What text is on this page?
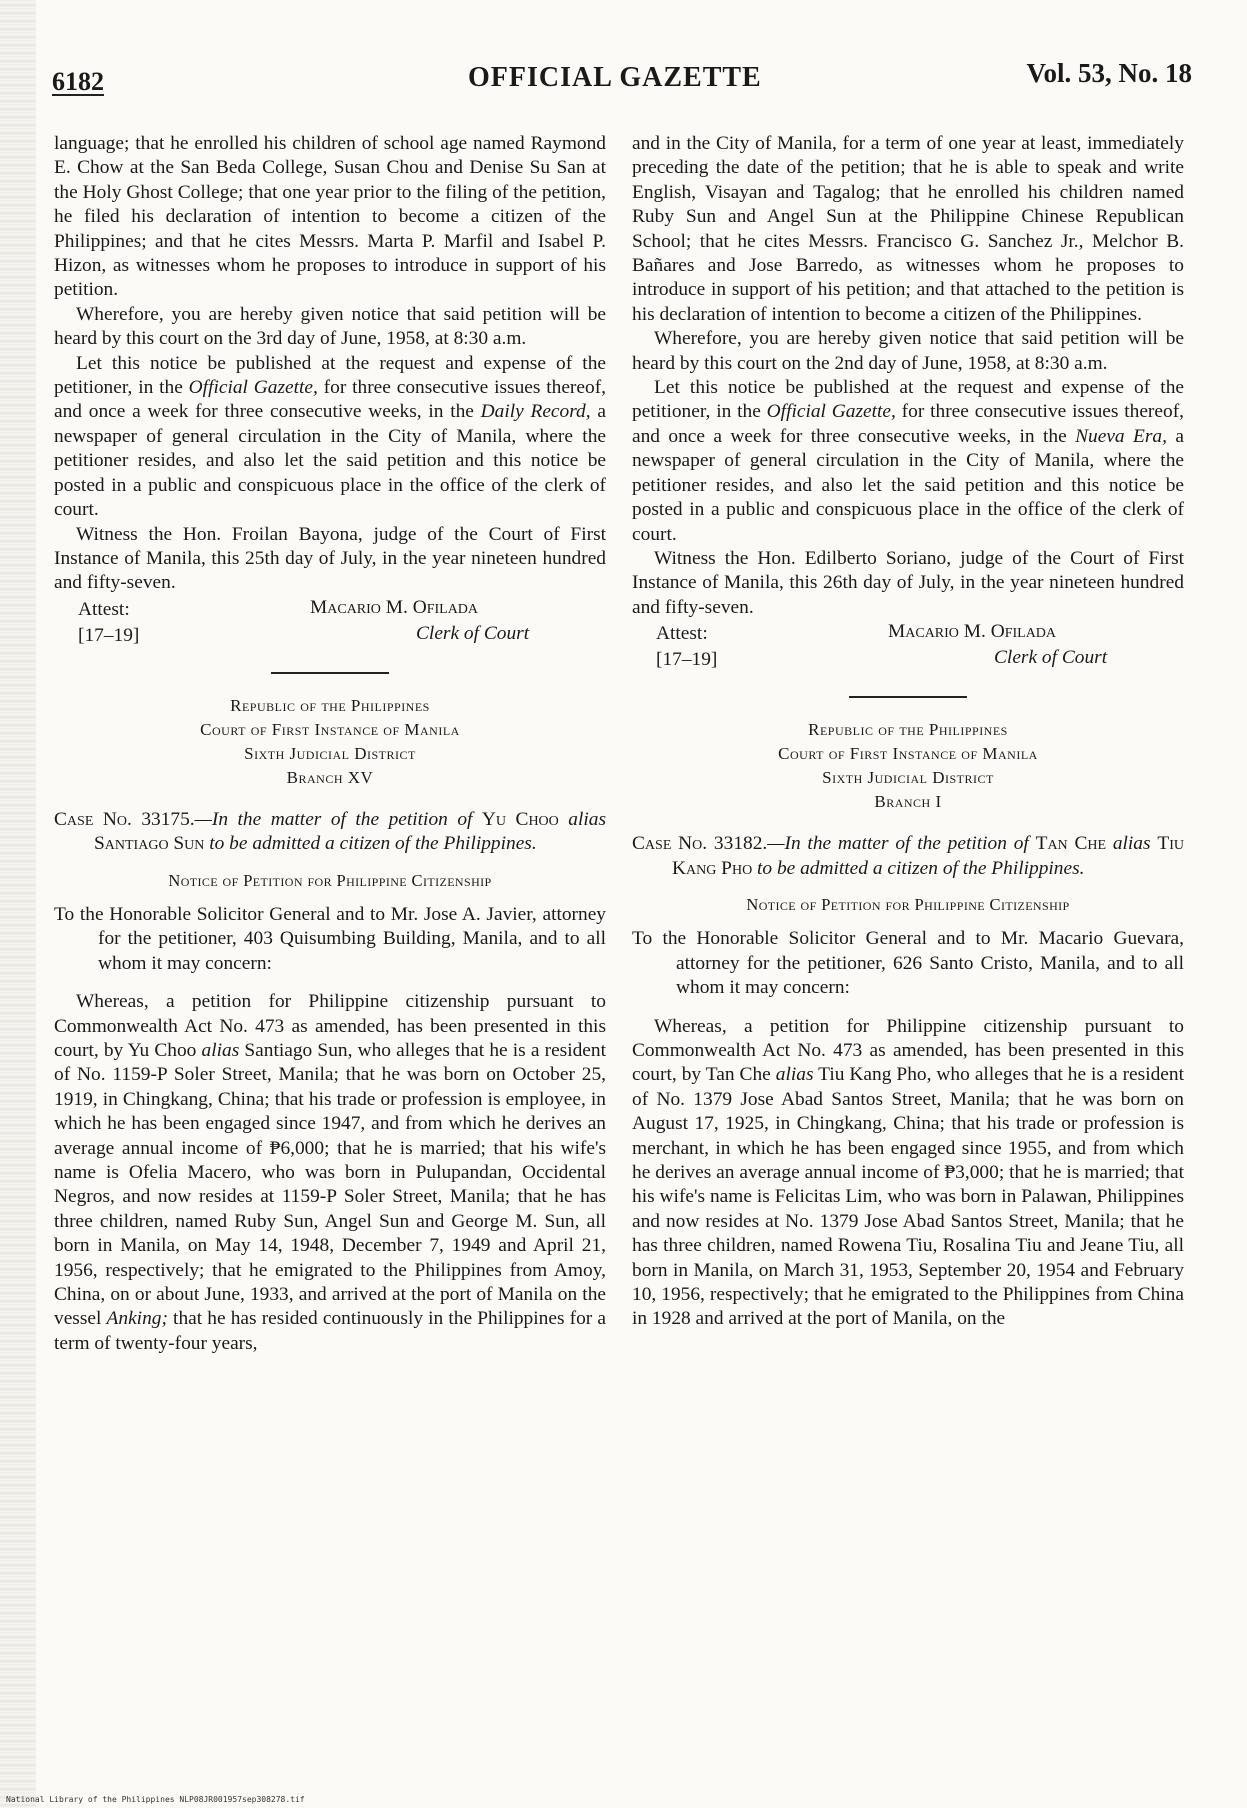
6182	OFFICIAL GAZETTE	Vol. 53, No. 18

language; that he enrolled his children of school age named Raymond E. Chow at the San Beda College, Susan Chou and Denise Su San at the Holy Ghost College; that one year prior to the filing of the petition, he filed his declaration of intention to become a citizen of the Philippines; and that he cites Messrs. Marta P. Marfil and Isabel P. Hizon, as witnesses whom he proposes to introduce in support of his petition.

Wherefore, you are hereby given notice that said petition will be heard by this court on the 3rd day of June, 1958, at 8:30 a.m.

Let this notice be published at the request and expense of the petitioner, in the Official Gazette, for three consecutive issues thereof, and once a week for three consecutive weeks, in the Daily Record, a newspaper of general circulation in the City of Manila, where the petitioner resides, and also let the said petition and this notice be posted in a public and conspicuous place in the office of the clerk of court.

Witness the Hon. Froilan Bayona, judge of the Court of First Instance of Manila, this 25th day of July, in the year nineteen hundred and fifty-seven.

Attest:
[17–19]
Macario M. Ofilada
Clerk of Court
Republic of the Philippines
Court of First Instance of Manila
Sixth Judicial District
Branch XV
Case No. 33175.—In the matter of the petition of Yu Choo alias Santiago Sun to be admitted a citizen of the Philippines.
Notice of Petition for Philippine Citizenship
To the Honorable Solicitor General and to Mr. Jose A. Javier, attorney for the petitioner, 403 Quisumbing Building, Manila, and to all whom it may concern:

Whereas, a petition for Philippine citizenship pursuant to Commonwealth Act No. 473 as amended, has been presented in this court, by Yu Choo alias Santiago Sun, who alleges that he is a resident of No. 1159-P Soler Street, Manila; that he was born on October 25, 1919, in Chingkang, China; that his trade or profession is employee, in which he has been engaged since 1947, and from which he derives an average annual income of ₱6,000; that he is married; that his wife's name is Ofelia Macero, who was born in Pulupandan, Occidental Negros, and now resides at 1159-P Soler Street, Manila; that he has three children, named Ruby Sun, Angel Sun and George M. Sun, all born in Manila, on May 14, 1948, December 7, 1949 and April 21, 1956, respectively; that he emigrated to the Philippines from Amoy, China, on or about June, 1933, and arrived at the port of Manila on the vessel Anking; that he has resided continuously in the Philippines for a term of twenty-four years,

and in the City of Manila, for a term of one year at least, immediately preceding the date of the petition; that he is able to speak and write English, Visayan and Tagalog; that he enrolled his children named Ruby Sun and Angel Sun at the Philippine Chinese Republican School; that he cites Messrs. Francisco G. Sanchez Jr., Melchor B. Bañares and Jose Barredo, as witnesses whom he proposes to introduce in support of his petition; and that attached to the petition is his declaration of intention to become a citizen of the Philippines.

Wherefore, you are hereby given notice that said petition will be heard by this court on the 2nd day of June, 1958, at 8:30 a.m.

Let this notice be published at the request and expense of the petitioner, in the Official Gazette, for three consecutive issues thereof, and once a week for three consecutive weeks, in the Nueva Era, a newspaper of general circulation in the City of Manila, where the petitioner resides, and also let the said petition and this notice be posted in a public and conspicuous place in the office of the clerk of court.

Witness the Hon. Edilberto Soriano, judge of the Court of First Instance of Manila, this 26th day of July, in the year nineteen hundred and fifty-seven.

Attest:
[17–19]
Macario M. Ofilada
Clerk of Court
Republic of the Philippines
Court of First Instance of Manila
Sixth Judicial District
Branch I
Case No. 33182.—In the matter of the petition of Tan Che alias Tiu Kang Pho to be admitted a citizen of the Philippines.
Notice of Petition for Philippine Citizenship
To the Honorable Solicitor General and to Mr. Macario Guevara, attorney for the petitioner, 626 Santo Cristo, Manila, and to all whom it may concern:

Whereas, a petition for Philippine citizenship pursuant to Commonwealth Act No. 473 as amended, has been presented in this court, by Tan Che alias Tiu Kang Pho, who alleges that he is a resident of No. 1379 Jose Abad Santos Street, Manila; that he was born on August 17, 1925, in Chingkang, China; that his trade or profession is merchant, in which he has been engaged since 1955, and from which he derives an average annual income of ₱3,000; that he is married; that his wife's name is Felicitas Lim, who was born in Palawan, Philippines and now resides at No. 1379 Jose Abad Santos Street, Manila; that he has three children, named Rowena Tiu, Rosalina Tiu and Jeane Tiu, all born in Manila, on March 31, 1953, September 20, 1954 and February 10, 1956, respectively; that he emigrated to the Philippines from China in 1928 and arrived at the port of Manila, on the

National Library of the Philippines NLP08JR001957sep308278.tif
